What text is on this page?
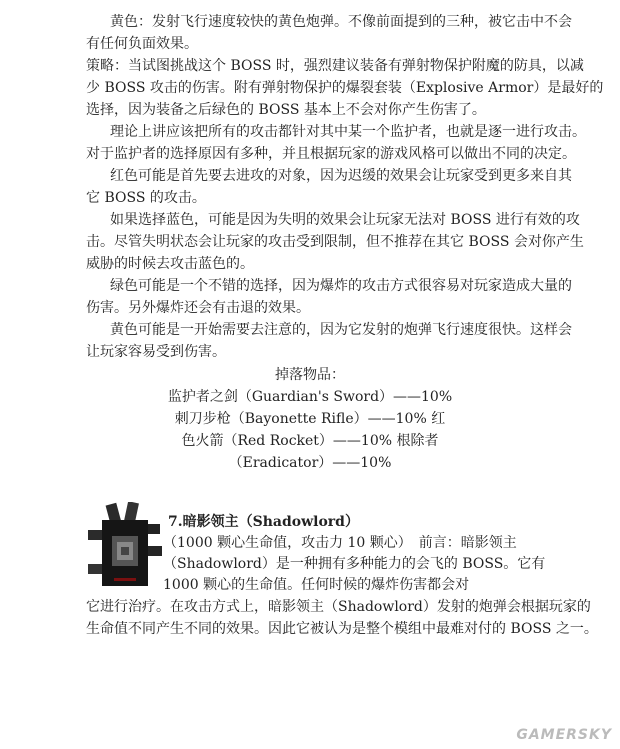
黄色：发射飞行速度较快的黄色炮弹。不像前面提到的三种，被它击中不会
有任何负面效果。
策略：当试图挑战这个 BOSS 时，强烈建议装备有弹射物保护附魔的防具，以减
少 BOSS 攻击的伤害。附有弹射物保护的爆裂套装（Explosive Armor）是最好的
选择，因为装备之后绿色的 BOSS 基本上不会对你产生伤害了。
理论上讲应该把所有的攻击都针对其中某一个监护者，也就是逐一进行攻击。
对于监护者的选择原因有多种，并且根据玩家的游戏风格可以做出不同的决定。
红色可能是首先要去进攻的对象，因为迟缓的效果会让玩家受到更多来自其
它 BOSS 的攻击。
如果选择蓝色，可能是因为失明的效果会让玩家无法对 BOSS 进行有效的攻
击。尽管失明状态会让玩家的攻击受到限制，但不推荐在其它 BOSS 会对你产生
威胁的时候去攻击蓝色的。
绿色可能是一个不错的选择，因为爆炸的攻击方式很容易对玩家造成大量的
伤害。另外爆炸还会有击退的效果。
黄色可能是一开始需要去注意的，因为它发射的炮弹飞行速度很快。这样会
让玩家容易受到伤害。
掉落物品：
监护者之剑（Guardian's Sword）——10%
刺刀步枪（Bayonette Rifle）——10% 红
色火箭（Red Rocket）——10% 根除者
（Eradicator）——10%
7.暗影领主（Shadowlord）
（1000 颗心生命值，攻击力 10 颗心）　前言：暗影领主
（Shadowlord）是一种拥有多种能力的会飞的 BOSS。它有
1000 颗心的生命值。任何时候的爆炸伤害都会对
它进行治疗。在攻击方式上，暗影领主（Shadowlord）发射的炮弹会根据玩家的
生命值不同产生不同的效果。因此它被认为是整个模组中最难对付的 BOSS 之一。
GAMERSKY
